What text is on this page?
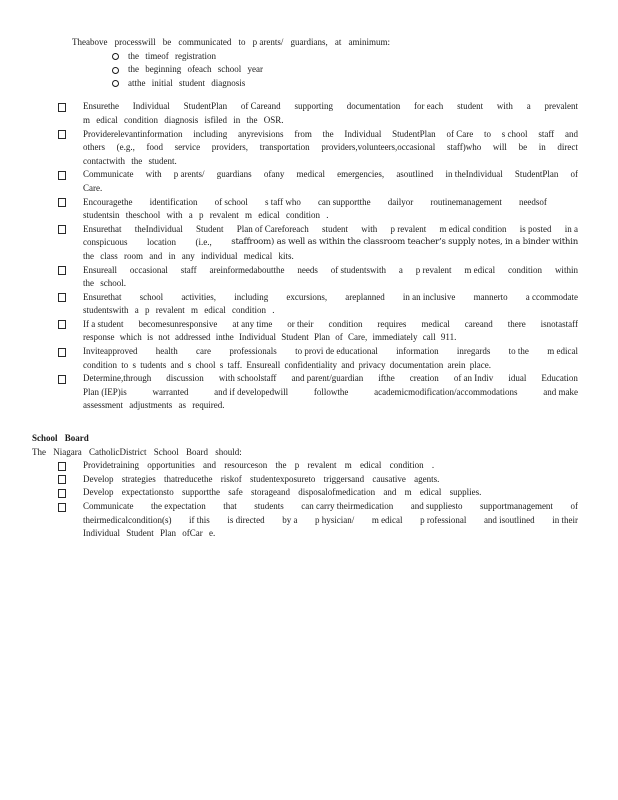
Theabove processwill be communicated to p arents/ guardians, at aminimum:
the timeof registration
the beginning ofeach school year
atthe initial student diagnosis
Ensurethe Individual StudentPlan of Careand supporting documentation for each student with a prevalent
m edical condition diagnosis isfiled in the OSR.
Providerelevantinformation including anyrevisions from the Individual StudentPlan of Care to s chool staff and
others (e.g., food service providers, transportation providers,volunteers,occasional staff)who will be in direct
contactwith the student.
Communicate with p arents/ guardians ofany medical emergencies, asoutlined in theIndividual StudentPlan of
Care.
Encouragethe identification of school s taff who can supportthe dailyor routinemanagement needsof
studentsin theschool with a p revalent m edical condition .
Ensurethat theIndividual Student Plan of Careforeach student with p revalent m edical condition is posted in a
conspicuous location (i.e., staffroom) as well as within the classroom teacher’s supply notes, in a binder within
the class room and in any individual medical kits.
Ensureall occasional staff areinformedaboutthe needs of studentswith a p revalent m edical condition within
the school.
Ensurethat school activities, including excursions, areplanned in an inclusive mannerto a ccommodate
studentswith a p revalent m edical condition .
If a student becomesunresponsive at any time or their condition requires medical careand there isnotastaff
response which is not addressed inthe Individual Student Plan of Care, immediately call 911.
Inviteapproved health care professionals to provi de educational information inregards to the m edical
condition to s tudents and s chool s taff. Ensureall confidentiality and privacy documentation arein place.
Determine,through discussion with schoolstaff and parent/guardian ifthe creation of an Indiv idual Education
Plan (IEP)is	warranted	and if developedwill	followthe	academicmodification/accommodations	and make
assessment adjustments as required.
School Board
The Niagara CatholicDistrict School Board should:
Providetraining opportunities and resourceson the p revalent m edical condition .
Develop strategies thatreducethe riskof studentexposureto triggersand causative agents.
Develop expectationsto supportthe safe storageand disposalofmedication and m edical supplies.
Communicate the expectation that students can carry theirmedication and suppliesto supportmanagement of
theirmedicalcondition(s) if this is directed by a p hysician/ m edical p rofessional and isoutlined in their
Individual Student Plan ofCar e.
